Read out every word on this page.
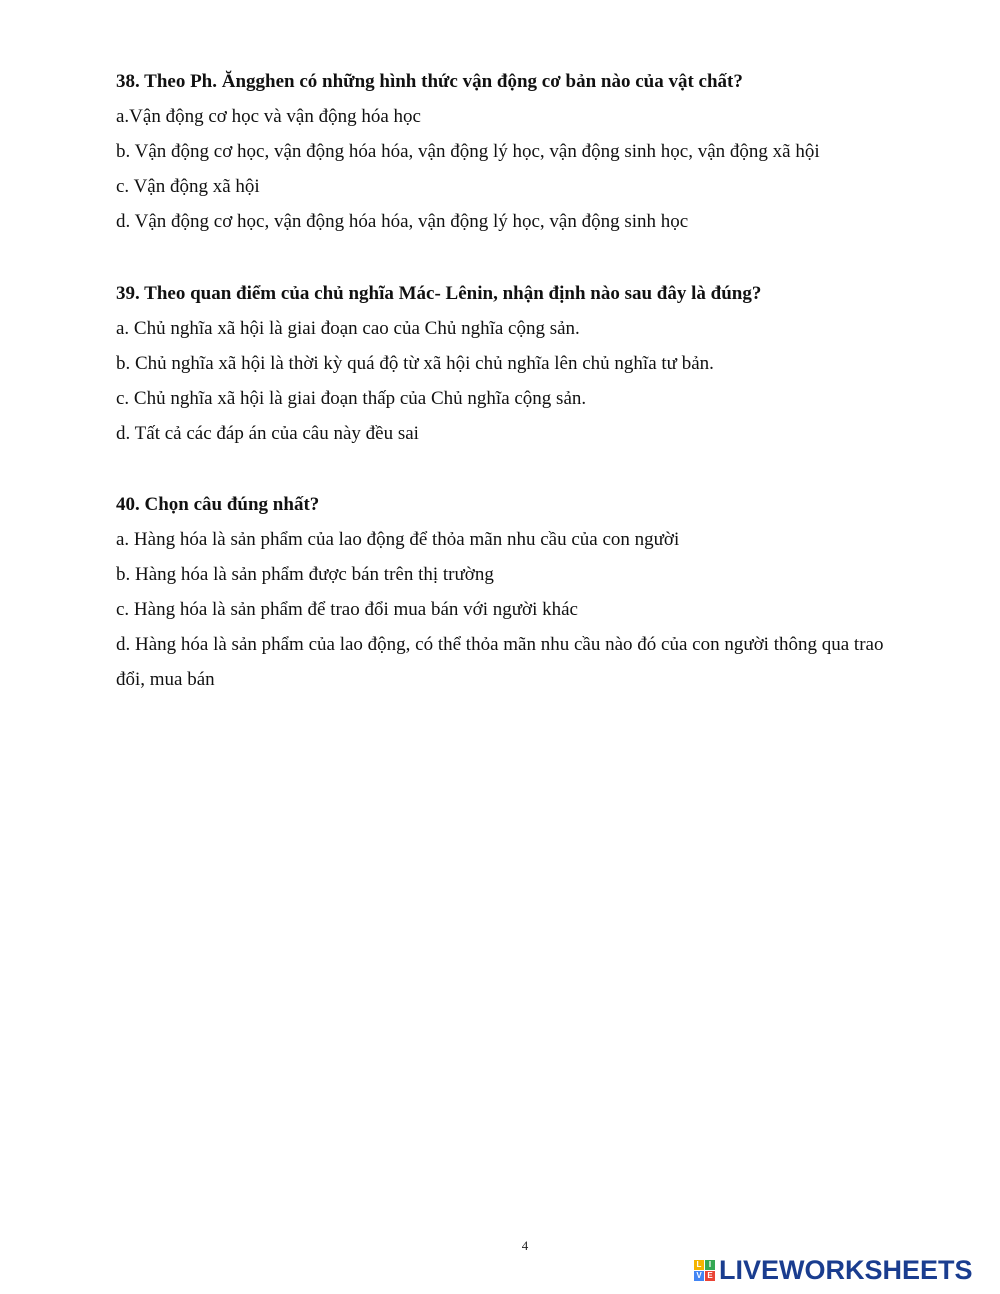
38. Theo Ph. Ăngghen có những hình thức vận động cơ bản nào của vật chất?

a.Vận động cơ học và vận động hóa học

b. Vận động cơ học, vận động hóa hóa, vận động lý học, vận động sinh học, vận động xã hội

c. Vận động xã hội

d. Vận động cơ học, vận động hóa hóa, vận động lý học, vận động sinh học

39. Theo quan điểm của chủ nghĩa Mác- Lênin, nhận định nào sau đây là đúng?

a. Chủ nghĩa xã hội là giai đoạn cao của Chủ nghĩa cộng sản.

b. Chủ nghĩa xã hội là thời kỳ quá độ từ xã hội chủ nghĩa lên chủ nghĩa tư bản.

c. Chủ nghĩa xã hội là giai đoạn thấp của Chủ nghĩa cộng sản.

d. Tất cả các đáp án của câu này đều sai

40. Chọn câu đúng nhất?

a. Hàng hóa là sản phẩm của lao động để thỏa mãn nhu cầu của con người

b. Hàng hóa là sản phẩm được bán trên thị trường

c. Hàng hóa là sản phẩm để trao đổi mua bán với người khác

d. Hàng hóa là sản phẩm của lao động, có thể thỏa mãn nhu cầu nào đó của con người thông qua trao đổi, mua bán

4
L I
V E LIVEWORKSHEETS
